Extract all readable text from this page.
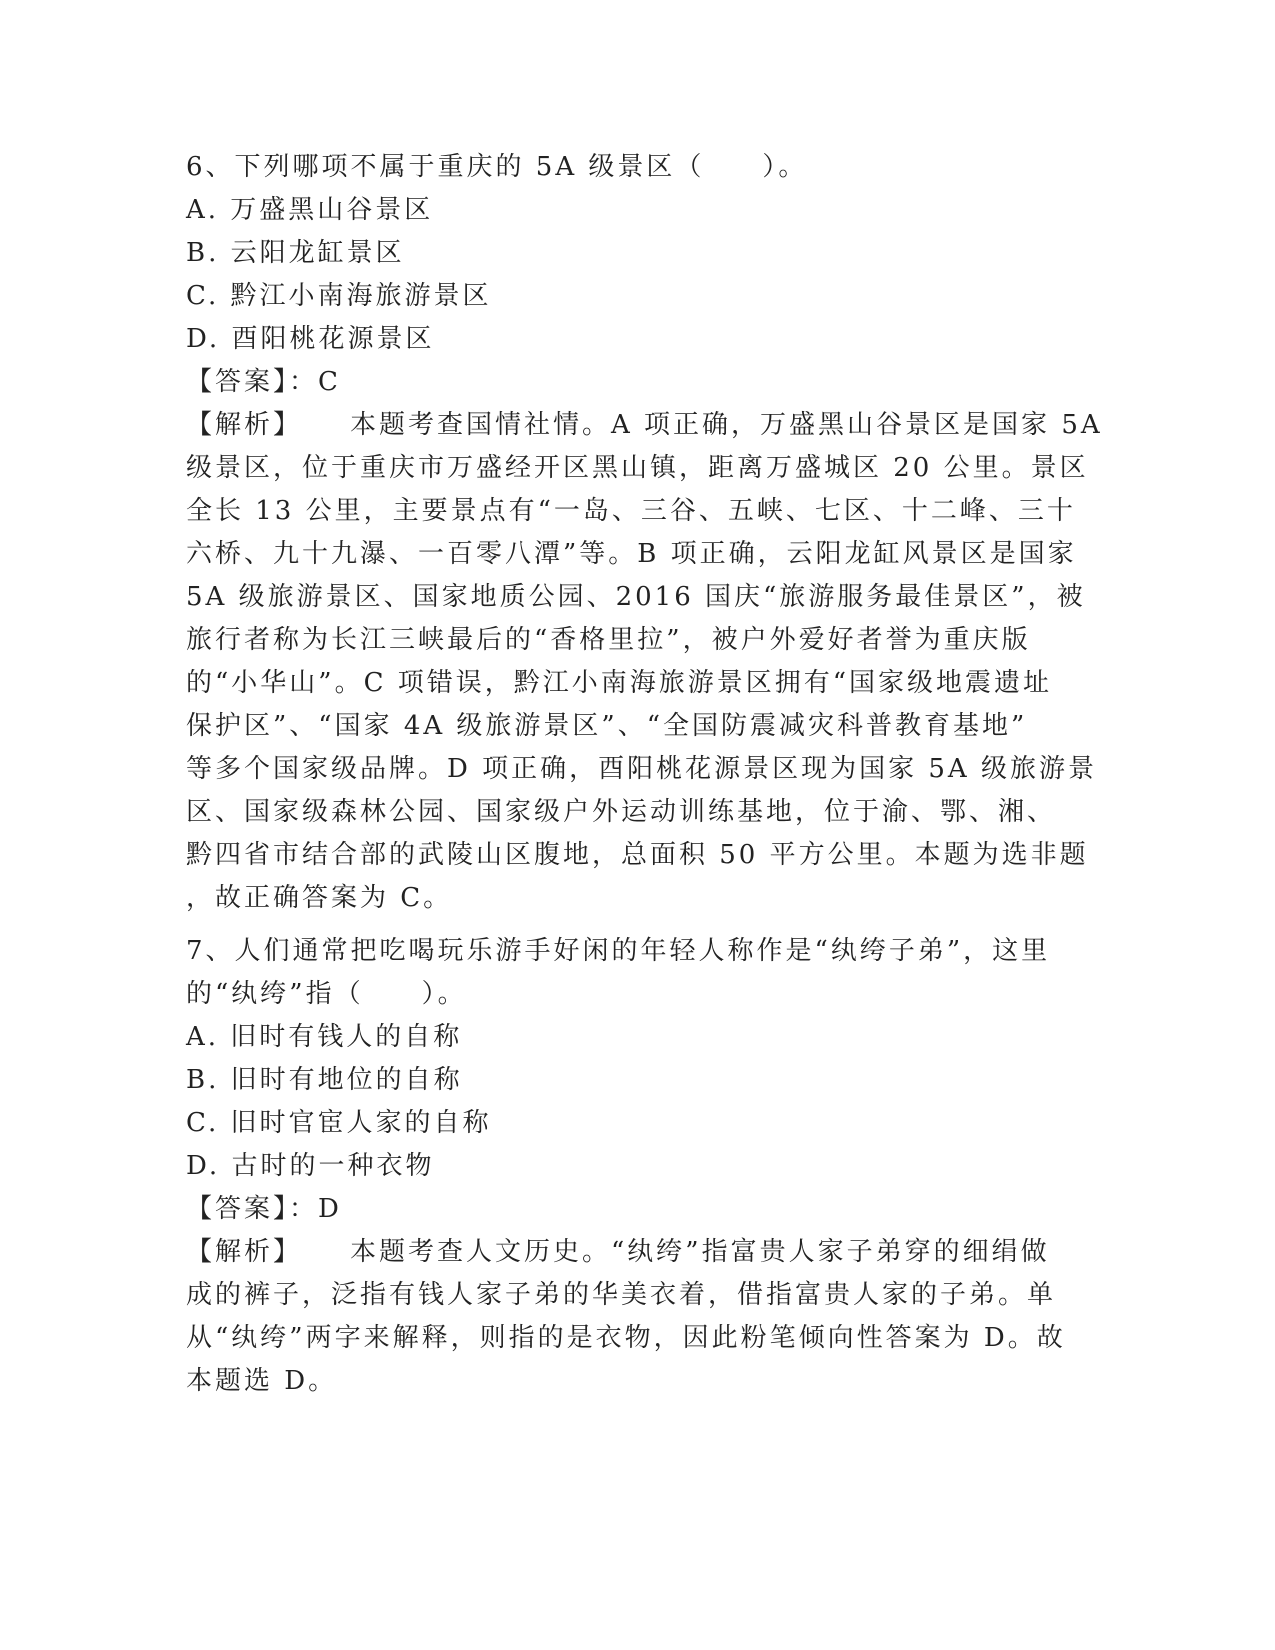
6、下列哪项不属于重庆的 5A 级景区（　　）。

A. 万盛黑山谷景区

B. 云阳龙缸景区

C. 黔江小南海旅游景区

D. 酉阳桃花源景区

【答案】：C

【解析】 本题考查国情社情。A 项正确，万盛黑山谷景区是国家 5A
级景区，位于重庆市万盛经开区黑山镇，距离万盛城区 20 公里。景区
全长 13 公里，主要景点有“一岛、三谷、五峡、七区、十二峰、三十
六桥、九十九瀑、一百零八潭”等。B 项正确，云阳龙缸风景区是国家
5A 级旅游景区、国家地质公园、2016 国庆“旅游服务最佳景区”，被
旅行者称为长江三峡最后的“香格里拉”，被户外爱好者誉为重庆版
的“小华山”。C 项错误，黔江小南海旅游景区拥有“国家级地震遗址
保护区”、“国家 4A 级旅游景区”、“全国防震减灾科普教育基地”
等多个国家级品牌。D 项正确，酉阳桃花源景区现为国家 5A 级旅游景
区、国家级森林公园、国家级户外运动训练基地，位于渝、鄂、湘、
黔四省市结合部的武陵山区腹地，总面积 50 平方公里。本题为选非题
，故正确答案为 C。

7、人们通常把吃喝玩乐游手好闲的年轻人称作是“纨绔子弟”，这里
的“纨绔”指（　　）。

A. 旧时有钱人的自称

B. 旧时有地位的自称

C. 旧时官宦人家的自称

D. 古时的一种衣物

【答案】：D

【解析】 本题考查人文历史。“纨绔”指富贵人家子弟穿的细绢做
成的裤子，泛指有钱人家子弟的华美衣着，借指富贵人家的子弟。单
从“纨绔”两字来解释，则指的是衣物，因此粉笔倾向性答案为 D。故
本题选 D。
